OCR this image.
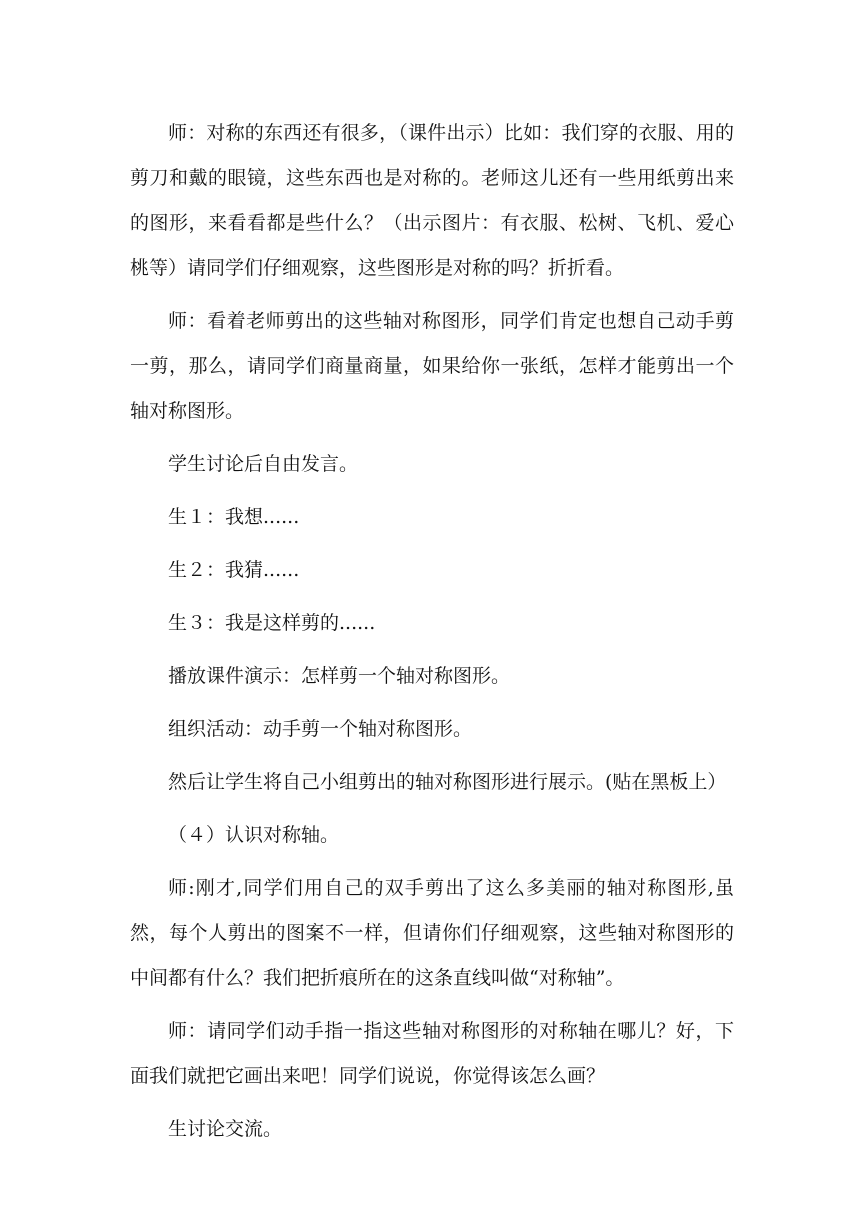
师：对称的东西还有很多，（课件出示）比如：我们穿的衣服、用的剪刀和戴的眼镜，这些东西也是对称的。老师这儿还有一些用纸剪出来的图形，来看看都是些什么？（出示图片：有衣服、松树、飞机、爱心桃等）请同学们仔细观察，这些图形是对称的吗？折折看。

师：看着老师剪出的这些轴对称图形，同学们肯定也想自己动手剪一剪，那么，请同学们商量商量，如果给你一张纸，怎样才能剪出一个轴对称图形。

学生讨论后自由发言。

生１：我想......

生２：我猜......

生３：我是这样剪的......

播放课件演示：怎样剪一个轴对称图形。

组织活动：动手剪一个轴对称图形。

然后让学生将自己小组剪出的轴对称图形进行展示。(贴在黑板上）

（４）认识对称轴。

师:刚才,同学们用自己的双手剪出了这么多美丽的轴对称图形,虽然，每个人剪出的图案不一样，但请你们仔细观察，这些轴对称图形的中间都有什么？我们把折痕所在的这条直线叫做“对称轴”。

师：请同学们动手指一指这些轴对称图形的对称轴在哪儿？好，下面我们就把它画出来吧！同学们说说，你觉得该怎么画？

生讨论交流。
